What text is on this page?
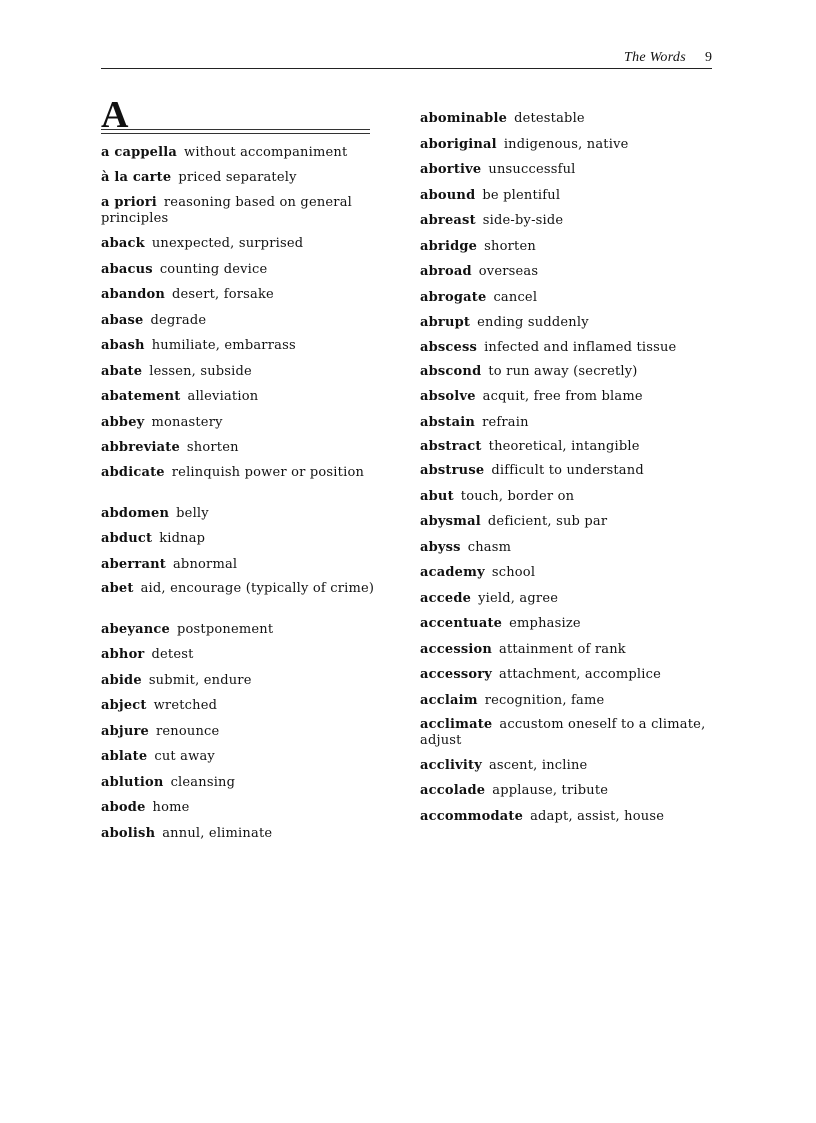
The Words 9
A
a cappella without accompaniment
à la carte priced separately
a priori reasoning based on general principles
aback unexpected, surprised
abacus counting device
abandon desert, forsake
abase degrade
abash humiliate, embarrass
abate lessen, subside
abatement alleviation
abbey monastery
abbreviate shorten
abdicate relinquish power or position
abdomen belly
abduct kidnap
aberrant abnormal
abet aid, encourage (typically of crime)
abeyance postponement
abhor detest
abide submit, endure
abject wretched
abjure renounce
ablate cut away
ablution cleansing
abode home
abolish annul, eliminate
abominable detestable
aboriginal indigenous, native
abortive unsuccessful
abound be plentiful
abreast side-by-side
abridge shorten
abroad overseas
abrogate cancel
abrupt ending suddenly
abscess infected and inflamed tissue
abscond to run away (secretly)
absolve acquit, free from blame
abstain refrain
abstract theoretical, intangible
abstruse difficult to understand
abut touch, border on
abysmal deficient, sub par
abyss chasm
academy school
accede yield, agree
accentuate emphasize
accession attainment of rank
accessory attachment, accomplice
acclaim recognition, fame
acclimate accustom oneself to a climate, adjust
acclivity ascent, incline
accolade applause, tribute
accommodate adapt, assist, house
